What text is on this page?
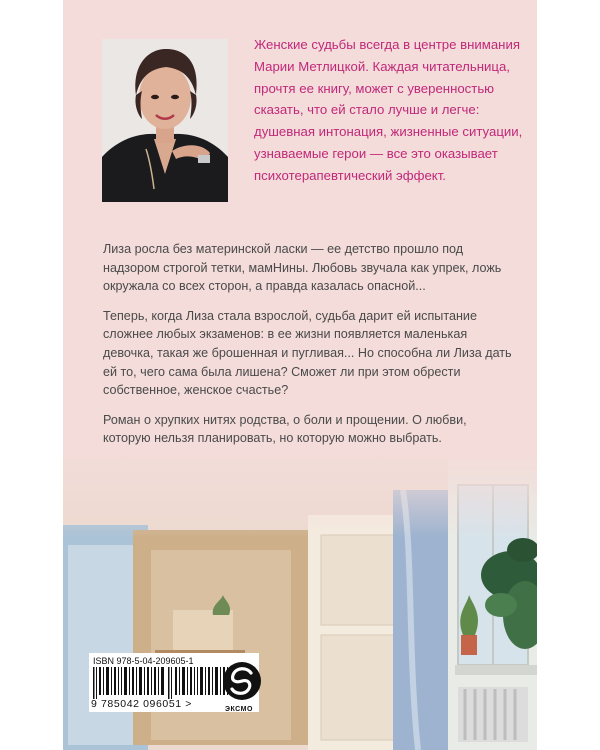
Женские судьбы всегда в центре внимания Марии Метлицкой. Каждая читательница, прочтя ее книгу, может с уверенностью сказать, что ей стало лучше и легче: душевная интонация, жизненные ситуации, узнаваемые герои — все это оказывает психотерапевтический эффект.

Лиза росла без материнской ласки — ее детство прошло под надзором строгой тетки, мамНины. Любовь звучала как упрек, ложь окружала со всех сторон, а правда казалась опасной...

Теперь, когда Лиза стала взрослой, судьба дарит ей испытание сложнее любых экзаменов: в ее жизни появляется маленькая девочка, такая же брошенная и пугливая... Но способна ли Лиза дать ей то, чего сама была лишена? Сможет ли при этом обрести собственное, женское счастье?

Роман о хрупких нитях родства, о боли и прощении. О любви, которую нельзя планировать, но которую можно выбрать.

ISBN 978-5-04-209605-1
9 785042 096051 >	ЭКСМО
